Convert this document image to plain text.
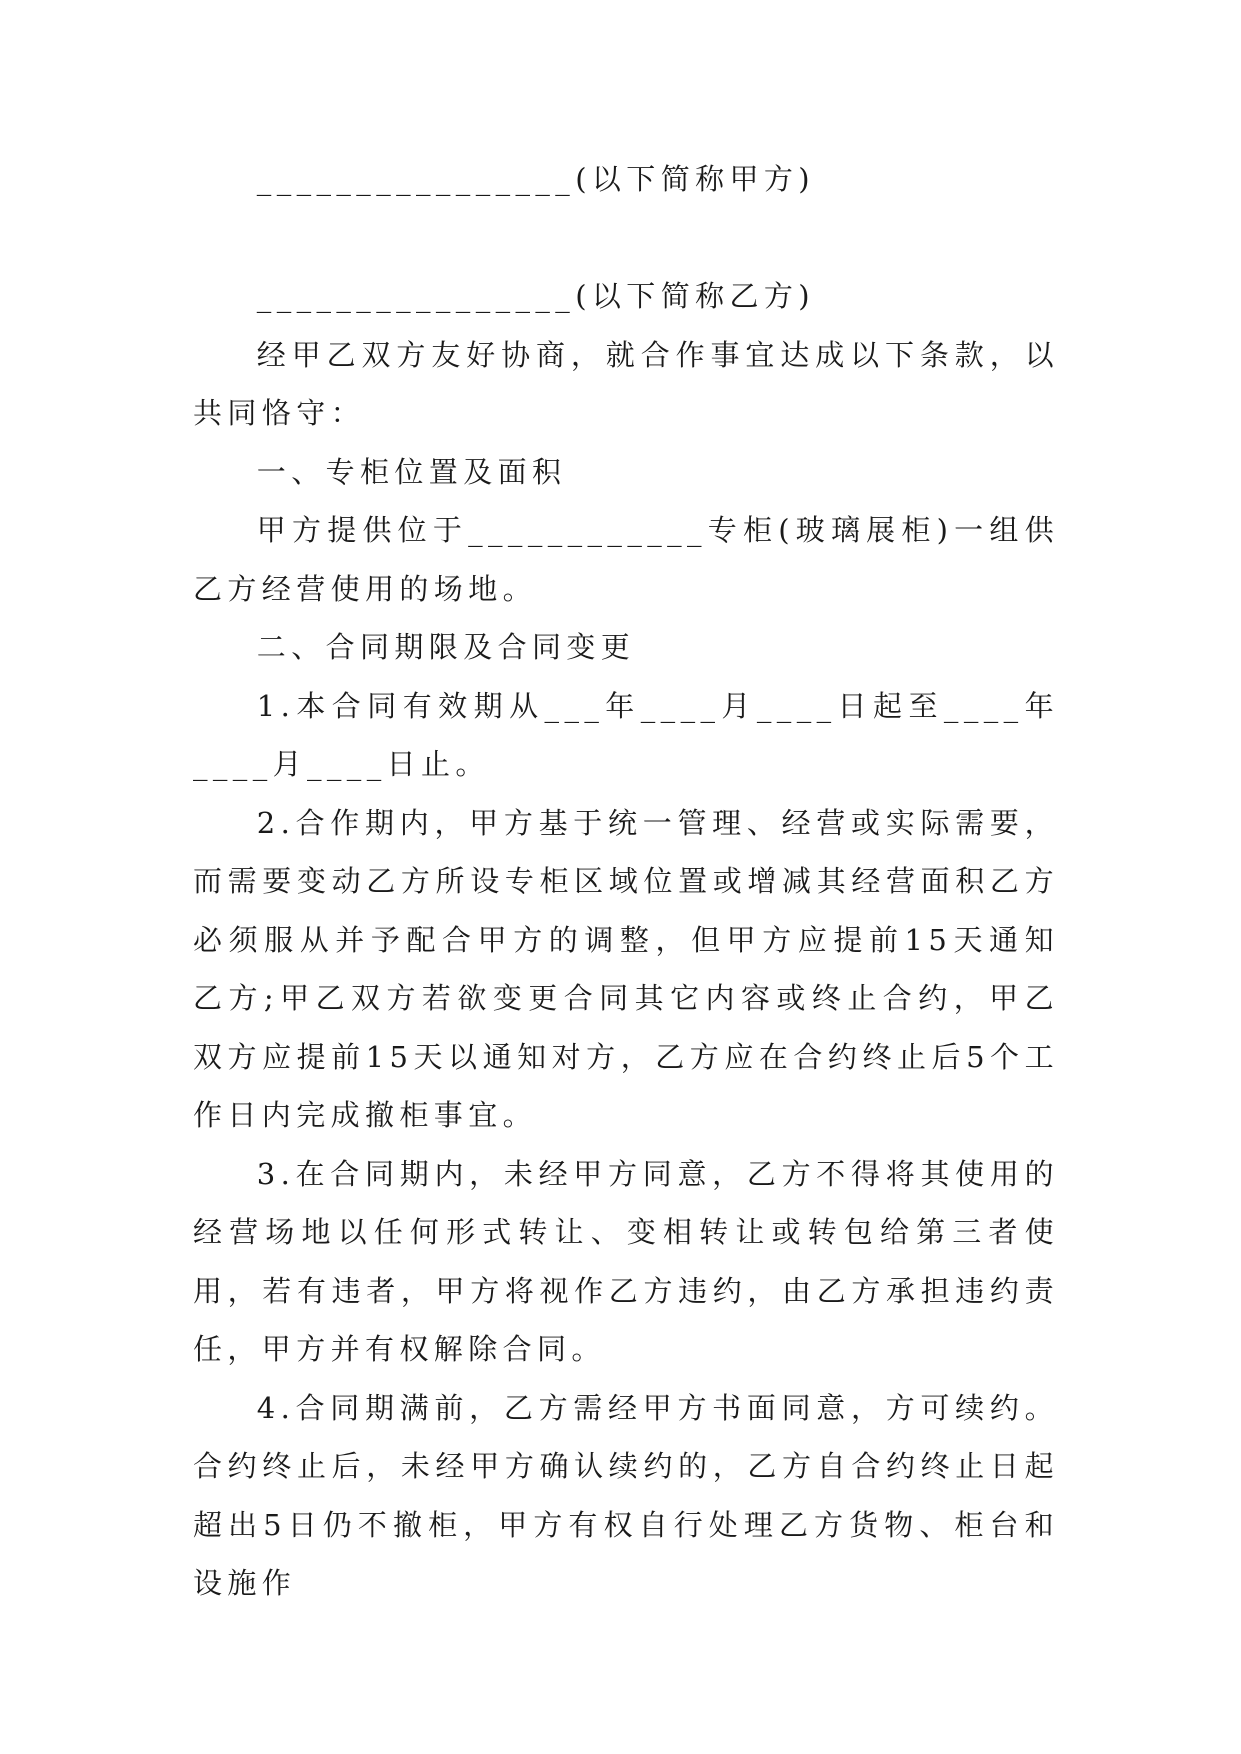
________________(以下简称甲方)

________________(以下简称乙方)

经甲乙双方友好协商，就合作事宜达成以下条款，以共同恪守：

一、专柜位置及面积

甲方提供位于____________专柜(玻璃展柜)一组供乙方经营使用的场地。

二、合同期限及合同变更

1.本合同有效期从___年____月____日起至____年____月____日止。

2.合作期内，甲方基于统一管理、经营或实际需要，而需要变动乙方所设专柜区域位置或增减其经营面积乙方必须服从并予配合甲方的调整，但甲方应提前15天通知乙方;甲乙双方若欲变更合同其它内容或终止合约，甲乙双方应提前15天以通知对方，乙方应在合约终止后5个工作日内完成撤柜事宜。

3.在合同期内，未经甲方同意，乙方不得将其使用的经营场地以任何形式转让、变相转让或转包给第三者使用，若有违者，甲方将视作乙方违约，由乙方承担违约责任，甲方并有权解除合同。

4.合同期满前，乙方需经甲方书面同意，方可续约。合约终止后，未经甲方确认续约的，乙方自合约终止日起超出5日仍不撤柜，甲方有权自行处理乙方货物、柜台和设施作
